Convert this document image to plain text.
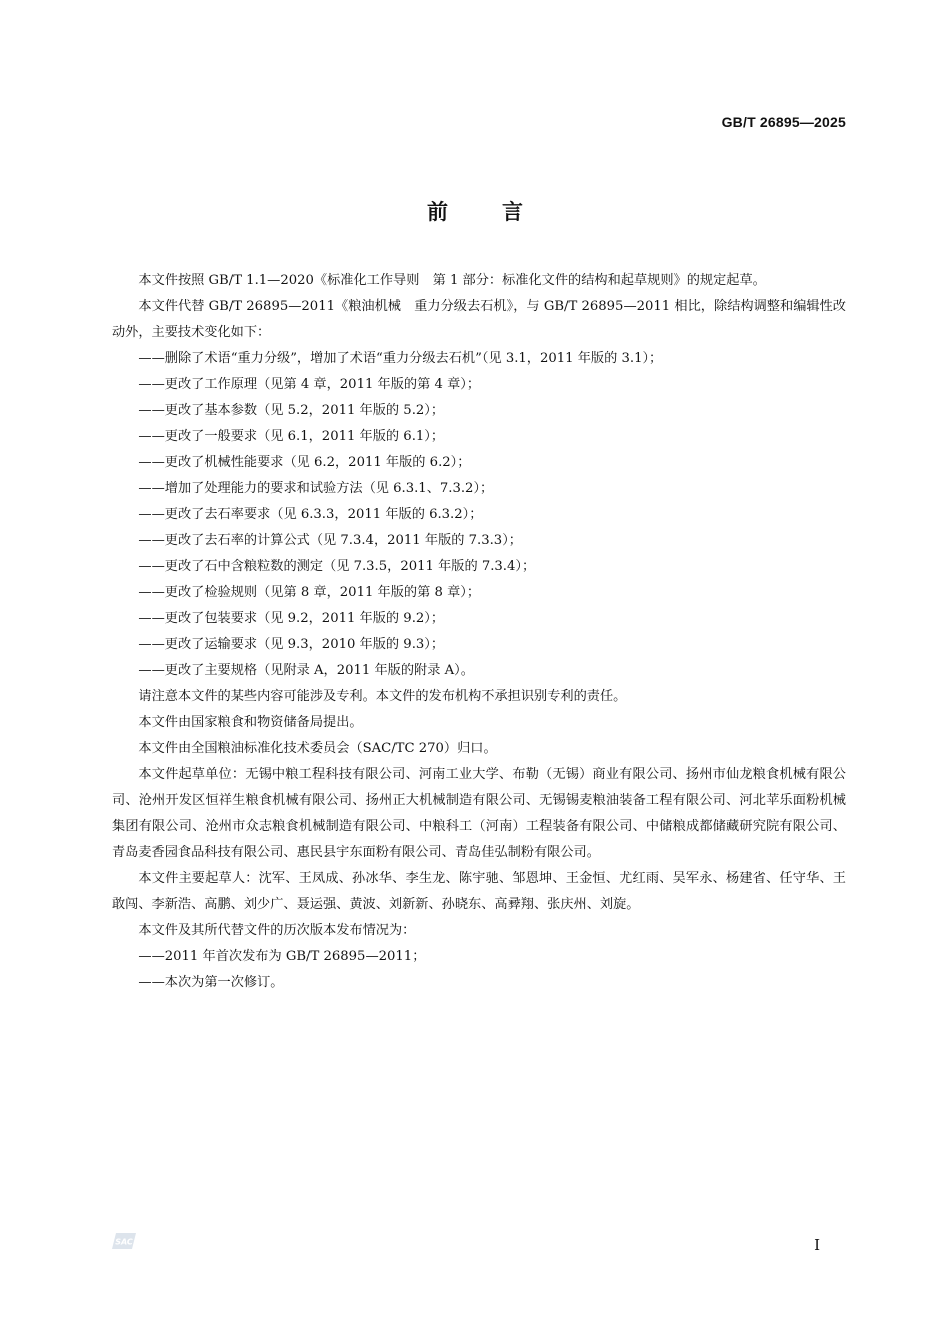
GB/T 26895—2025
前言

本文件按照 GB/T 1.1—2020《标准化工作导则　第 1 部分：标准化文件的结构和起草规则》的规定起草。

本文件代替 GB/T 26895—2011《粮油机械　重力分级去石机》，与 GB/T 26895—2011 相比，除结构调整和编辑性改动外，主要技术变化如下：

——删除了术语“重力分级”，增加了术语“重力分级去石机”（见 3.1，2011 年版的 3.1）；

——更改了工作原理（见第 4 章，2011 年版的第 4 章）；

——更改了基本参数（见 5.2，2011 年版的 5.2）；

——更改了一般要求（见 6.1，2011 年版的 6.1）；

——更改了机械性能要求（见 6.2，2011 年版的 6.2）；

——增加了处理能力的要求和试验方法（见 6.3.1、7.3.2）；

——更改了去石率要求（见 6.3.3，2011 年版的 6.3.2）；

——更改了去石率的计算公式（见 7.3.4，2011 年版的 7.3.3）；

——更改了石中含粮粒数的测定（见 7.3.5，2011 年版的 7.3.4）；

——更改了检验规则（见第 8 章，2011 年版的第 8 章）；

——更改了包装要求（见 9.2，2011 年版的 9.2）；

——更改了运输要求（见 9.3，2010 年版的 9.3）；

——更改了主要规格（见附录 A，2011 年版的附录 A）。

请注意本文件的某些内容可能涉及专利。本文件的发布机构不承担识别专利的责任。

本文件由国家粮食和物资储备局提出。

本文件由全国粮油标准化技术委员会（SAC/TC 270）归口。

本文件起草单位：无锡中粮工程科技有限公司、河南工业大学、布勒（无锡）商业有限公司、扬州市仙龙粮食机械有限公司、沧州开发区恒祥生粮食机械有限公司、扬州正大机械制造有限公司、无锡锡麦粮油装备工程有限公司、河北苹乐面粉机械集团有限公司、沧州市众志粮食机械制造有限公司、中粮科工（河南）工程装备有限公司、中储粮成都储藏研究院有限公司、青岛麦香园食品科技有限公司、惠民县宇东面粉有限公司、青岛佳弘制粉有限公司。

本文件主要起草人：沈军、王凤成、孙冰华、李生龙、陈宇驰、邹恩坤、王金恒、尤红雨、吴军永、杨建省、任守华、王敢闯、李新浩、高鹏、刘少广、聂运强、黄波、刘新新、孙晓东、高彛翔、张庆州、刘旋。

本文件及其所代替文件的历次版本发布情况为：

——2011 年首次发布为 GB/T 26895—2011；

——本次为第一次修订。

SAC	I
